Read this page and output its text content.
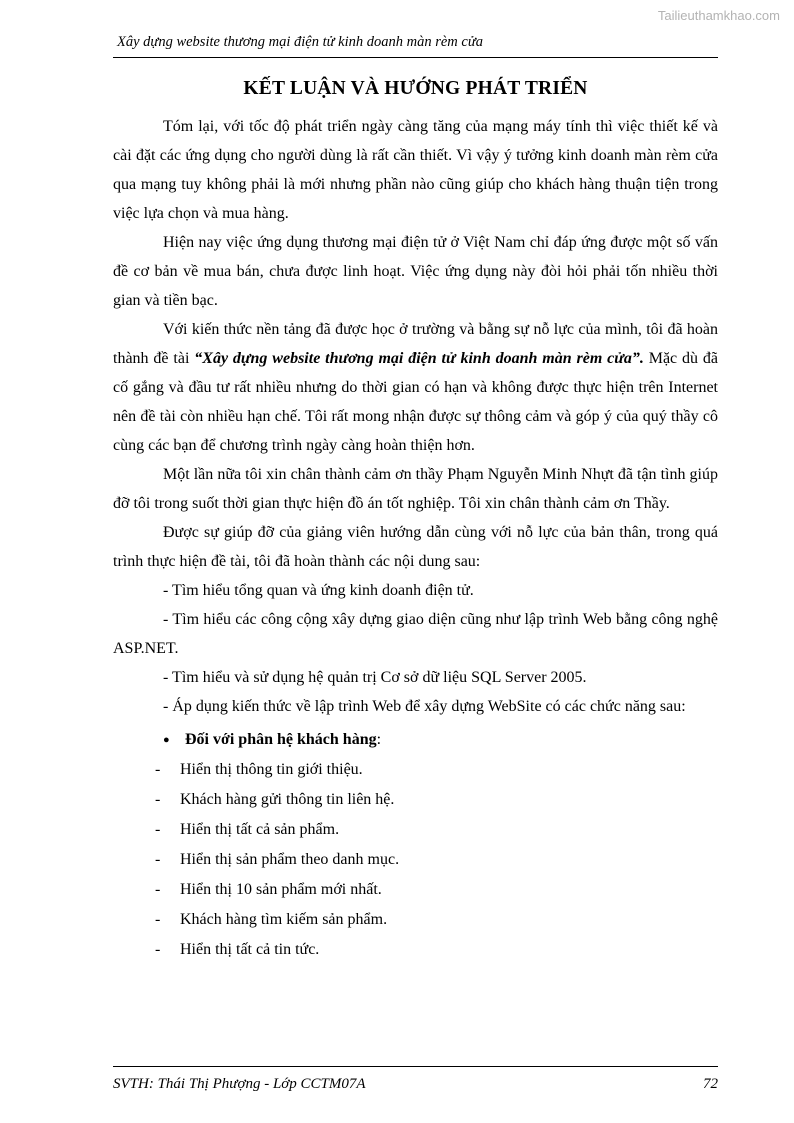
Tailieuthamkhao.com
Xây dựng website thương mại điện tử kinh doanh màn rèm cửa
KẾT LUẬN VÀ HƯỚNG PHÁT TRIỂN

Tóm lại, với tốc độ phát triển ngày càng tăng của mạng máy tính thì việc thiết kế và cài đặt các ứng dụng cho người dùng là rất cần thiết. Vì vậy ý tưởng kinh doanh màn rèm cửa qua mạng tuy không phải là mới nhưng phần nào cũng giúp cho khách hàng thuận tiện trong việc lựa chọn và mua hàng.

Hiện nay việc ứng dụng thương mại điện tử ở Việt Nam chỉ đáp ứng được một số vấn đề cơ bản về mua bán, chưa được linh hoạt. Việc ứng dụng này đòi hỏi phải tốn nhiều thời gian và tiền bạc.

Với kiến thức nền tảng đã được học ở trường và bằng sự nỗ lực của mình, tôi đã hoàn thành đề tài “Xây dựng website thương mại điện tử kinh doanh màn rèm cửa”. Mặc dù đã cố gắng và đầu tư rất nhiều nhưng do thời gian có hạn và không được thực hiện trên Internet nên đề tài còn nhiều hạn chế. Tôi rất mong nhận được sự thông cảm và góp ý của quý thầy cô cùng các bạn để chương trình ngày càng hoàn thiện hơn.

Một lần nữa tôi xin chân thành cảm ơn thầy Phạm Nguyễn Minh Nhựt đã tận tình giúp đỡ tôi trong suốt thời gian thực hiện đồ án tốt nghiệp. Tôi xin chân thành cảm ơn Thầy.

Được sự giúp đỡ của giảng viên hướng dẫn cùng với nỗ lực của bản thân, trong quá trình thực hiện đề tài, tôi đã hoàn thành các nội dung sau:

- Tìm hiểu tổng quan và ứng kinh doanh điện tử.

- Tìm hiểu các công cộng xây dựng giao diện cũng như lập trình Web bằng công nghệ ASP.NET.

- Tìm hiểu và sử dụng hệ quản trị Cơ sở dữ liệu SQL Server 2005.

- Áp dụng kiến thức về lập trình Web để xây dựng WebSite có các chức năng sau:

● Đối với phân hệ khách hàng:

- Hiển thị thông tin giới thiệu.
- Khách hàng gửi thông tin liên hệ.
- Hiển thị tất cả sản phẩm.
- Hiển thị sản phẩm theo danh mục.
- Hiển thị 10 sản phẩm mới nhất.
- Khách hàng tìm kiếm sản phẩm.
- Hiển thị tất cả tin tức.
SVTH: Thái Thị Phượng - Lớp CCTM07A	72
